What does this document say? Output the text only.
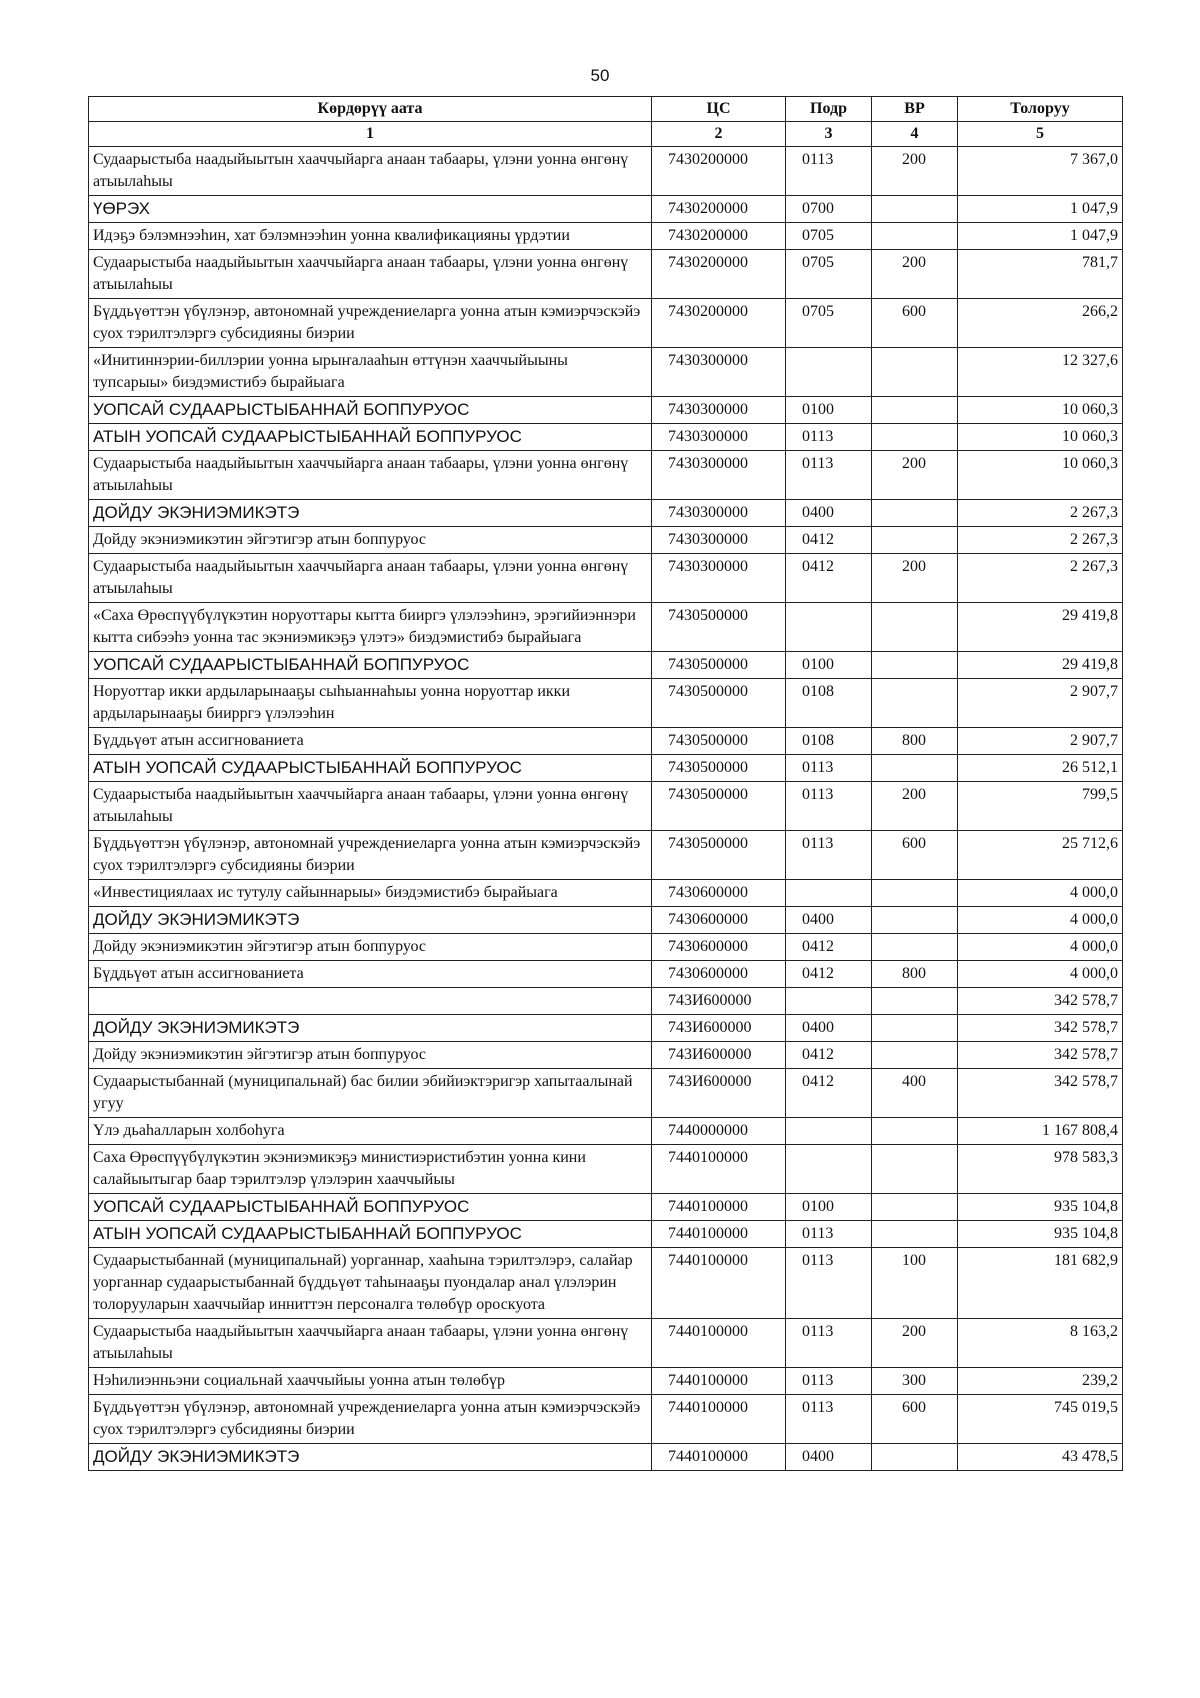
50
Көрдөрүү аата	ЦС	Подр	ВР	Толоруу
1	2	3	4	5
Судаарыстыба наадыйыытын хааччыйарга анаан табаары, үлэни уонна өнгөнү атыылаһыы	7430200000	0113	200	7 367,0
ҮӨРЭХ	7430200000	0700		1 047,9
Идэҕэ бэлэмнээһин, хат бэлэмнээһин уонна квалификацияны үрдэтии	7430200000	0705		1 047,9
Судаарыстыба наадыйыытын хааччыйарга анаан табаары, үлэни уонна өнгөнү атыылаһыы	7430200000	0705	200	781,7
Бүддьүөттэн үбүлэнэр, автономнай учреждениеларга уонна атын кэмиэрчэскэйэ суох тэрилтэлэргэ субсидияны биэрии	7430200000	0705	600	266,2
«Инитиннэрии-биллэрии уонна ырыҥалааһын өттүнэн хааччыйыыны тупсарыы» биэдэмистибэ бырайыага	7430300000			12 327,6
УОПСАЙ СУДААРЫСТЫБАННАЙ БОППУРУОС	7430300000	0100		10 060,3
АТЫН УОПСАЙ СУДААРЫСТЫБАННАЙ БОППУРУОС	7430300000	0113		10 060,3
Судаарыстыба наадыйыытын хааччыйарга анаан табаары, үлэни уонна өнгөнү атыылаһыы	7430300000	0113	200	10 060,3
ДОЙДУ ЭКЭНИЭМИКЭТЭ	7430300000	0400		2 267,3
Дойду экэниэмикэтин эйгэтигэр атын боппуруос	7430300000	0412		2 267,3
Судаарыстыба наадыйыытын хааччыйарга анаан табаары, үлэни уонна өнгөнү атыылаһыы	7430300000	0412	200	2 267,3
«Саха Өрөспүүбүлүкэтин норуоттары кытта бииргэ үлэлээһинэ, эрэгийиэннэри кытта сибээһэ уонна тас экэниэмикэҕэ үлэтэ» биэдэмистибэ бырайыага	7430500000			29 419,8
УОПСАЙ СУДААРЫСТЫБАННАЙ БОППУРУОС	7430500000	0100		29 419,8
Норуоттар икки ардыларынааҕы сыһыаннаһыы уонна норуоттар икки ардыларынааҕы биирргэ үлэлээһин	7430500000	0108		2 907,7
Бүддьүөт атын ассигнованиета	7430500000	0108	800	2 907,7
АТЫН УОПСАЙ СУДААРЫСТЫБАННАЙ БОППУРУОС	7430500000	0113		26 512,1
Судаарыстыба наадыйыытын хааччыйарга анаан табаары, үлэни уонна өнгөнү атыылаһыы	7430500000	0113	200	799,5
Бүддьүөттэн үбүлэнэр, автономнай учреждениеларга уонна атын кэмиэрчэскэйэ суох тэрилтэлэргэ субсидияны биэрии	7430500000	0113	600	25 712,6
«Инвестициялаах ис тутулу сайыннарыы» биэдэмистибэ бырайыага	7430600000			4 000,0
ДОЙДУ ЭКЭНИЭМИКЭТЭ	7430600000	0400		4 000,0
Дойду экэниэмикэтин эйгэтигэр атын боппуруос	7430600000	0412		4 000,0
Бүддьүөт атын ассигнованиета	7430600000	0412	800	4 000,0
	743И600000			342 578,7
ДОЙДУ ЭКЭНИЭМИКЭТЭ	743И600000	0400		342 578,7
Дойду экэниэмикэтин эйгэтигэр атын боппуруос	743И600000	0412		342 578,7
Судаарыстыбаннай (муниципальнай) бас билии эбийиэктэригэр хапытаалынай угуу	743И600000	0412	400	342 578,7
Үлэ дьаһалларын холбоһуга	7440000000			1 167 808,4
Саха Өрөспүүбүлүкэтин экэниэмикэҕэ министиэристибэтин уонна кини салайыытыгар баар тэрилтэлэр үлэлэрин хааччыйыы	7440100000			978 583,3
УОПСАЙ СУДААРЫСТЫБАННАЙ БОППУРУОС	7440100000	0100		935 104,8
АТЫН УОПСАЙ СУДААРЫСТЫБАННАЙ БОППУРУОС	7440100000	0113		935 104,8
Судаарыстыбаннай (муниципальнай) уорганнар, хааһына тэрилтэлэрэ, салайар уорганнар судаарыстыбаннай бүддьүөт таһынааҕы пуондалар анал үлэлэрин толорууларын хааччыйар инниттэн персоналга төлөбүр ороскуота	7440100000	0113	100	181 682,9
Судаарыстыба наадыйыытын хааччыйарга анаан табаары, үлэни уонна өнгөнү атыылаһыы	7440100000	0113	200	8 163,2
Нэһилиэнньэни социальнай хааччыйыы уонна атын төлөбүр	7440100000	0113	300	239,2
Бүддьүөттэн үбүлэнэр, автономнай учреждениеларга уонна атын кэмиэрчэскэйэ суох тэрилтэлэргэ субсидияны биэрии	7440100000	0113	600	745 019,5
ДОЙДУ ЭКЭНИЭМИКЭТЭ	7440100000	0400		43 478,5
